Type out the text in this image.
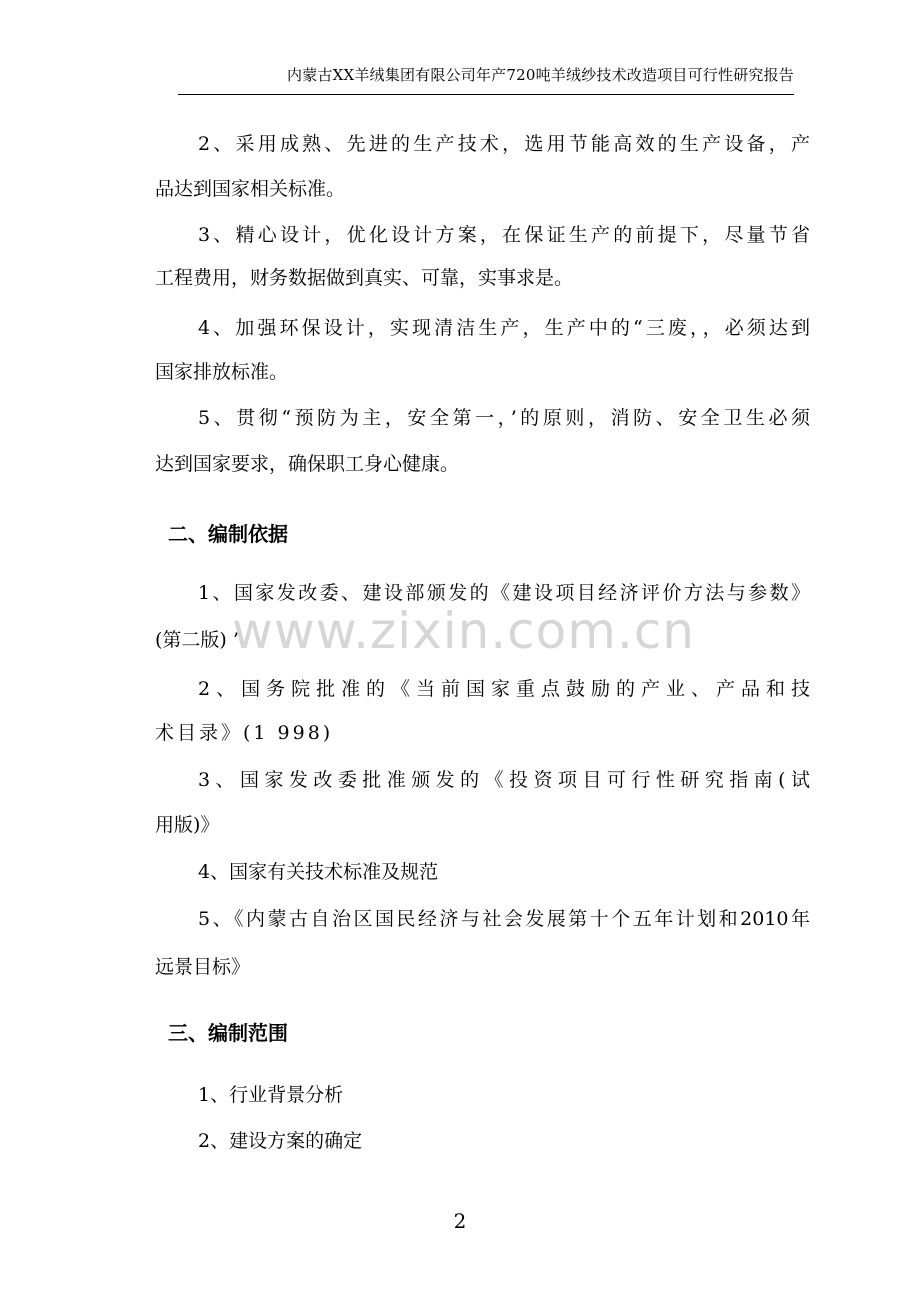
内蒙古XX羊绒集团有限公司年产720吨羊绒纱技术改造项目可行性研究报告
2、采用成熟、先进的生产技术，选用节能高效的生产设备，产
品达到国家相关标准。
3、精心设计，优化设计方案，在保证生产的前提下，尽量节省
工程费用，财务数据做到真实、可靠，实事求是。
4、加强环保设计，实现清洁生产，生产中的“三废，，必须达到
国家排放标准。
5、贯彻“预防为主，安全第一，’的原则，消防、安全卫生必须
达到国家要求，确保职工身心健康。
二、编制依据
1、国家发改委、建设部颁发的《建设项目经济评价方法与参数》
(第二版) ’
2、国务院批准的《当前国家重点鼓励的产业、产品和技
术目录》(1 998)
3、国家发改委批准颁发的《投资项目可行性研究指南(试
用版)》
4、国家有关技术标准及规范
5、《内蒙古自治区国民经济与社会发展第十个五年计划和2010年
远景目标》
三、编制范围
1、行业背景分析
2、建设方案的确定
www.zixin.com.cn
2
